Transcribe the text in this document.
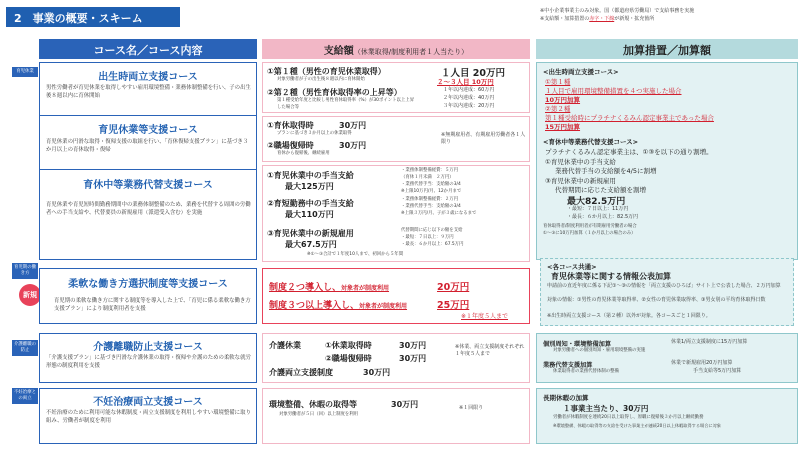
2　事業の概要・スキーム
※中小企業事業主のみ対象。国（都道府県労働局）で支給事務を実施
※支給額・加算措置の赤字・下線が新規・拡充箇所
コース名／コース内容	支給額（休業取得/制度利用者１人当たり）	加算措置／加算額
育児休業
育児期の働き方
新規
介護離職の防止
不妊治療との両立
出生時両立支援コース
男性労働者が育児休業を取得しやすい雇用環境整備・業務体制整備を行い、子の出生後８週以内に育休開始
育児休業等支援コース
育児休業の円滑な取得・復帰支援の取組を行い、「育休復帰支援プラン」に基づき３か月以上の育休取得・復帰
育休中等業務代替支援コース
育児休業や育児短時間勤務期間中の業務体制整備のため、業務を代替する周囲の労働者への手当支給や、代替要員の新規雇用（派遣受入含む）を実施
柔軟な働き方選択制度等支援コース
育児期の柔軟な働き方に関する制度等を導入した上で、「育児に係る柔軟な働き方支援プラン」により制度利用者を支援
介護離職防止支援コース
「介護支援プラン」に基づき円滑な介護休業の取得・復帰や介護のための柔軟な就労形態の制度利用を支援
不妊治療両立支援コース
不妊治療のために利用可能な休暇制度・両立支援制度を利用しやすい環境整備に取り組み、労働者が制度を利用
①第１種（男性の育児休業取得）	１人目 20万円
対象労働者が子の出生後８週以内に育休開始	２～３人目 10万円
②第２種（男性育休取得率の上昇等）
第１種受給年度と比較し男性育休取得率（%）が30ポイント以上上昇した場合等
１年以内達成：60万円
２年以内達成：40万円
３年以内達成：20万円
①育休取得時	30万円
プランに基づき３か月以上の休業取得
②職場復帰時	30万円
育休から復帰後、継続雇用
※無期雇用者、有期雇用労働者各１人限り
①育児休業中の手当支給
最大125万円
②育短勤務中の手当支給
最大110万円
③育児休業中の新規雇用
最大67.5万円
※①～③合計で１年度10人まで、初回から５年間
・業務体制整備経費：５万円
（育休１月未満　２万円）
・業務代替手当：支給額の3/4
※上限10万円/月、12か月まで
・業務体制整備経費：２万円
・業務代替手当：支給額の3/4
※上限３万円/月、子が３歳になるまで
代替期間に応じ以下の額を支給
・最短：７日以上：９万円
・最長：６か月以上：67.5万円
制度２つ導入し、対象者が制度利用	20万円
制度３つ以上導入し、対象者が制度利用	25万円
※１年度５人まで
介護休業	①休業取得時	30万円
②職場復帰時	30万円
介護両立支援制度	30万円
※休業、両立支援制度それぞれ１年度５人まで
環境整備、休暇の取得等	30万円
対象労働者が５日（回）以上制度を利用
※１回限り
<出生時両立支援コース>
①第１種
１人目で雇用環境整備措置を４つ実施した場合
10万円加算
②第２種
第１種受給時にプラチナくるみん認定事業主であった場合
15万円加算
<育休中等業務代替支援コース>
プラチナくるみん認定事業主は、①③を以下の通り割増。
①育児休業中の手当支給
業務代替手当の支給額を4/5に割増
③育児休業中の新規雇用
代替期間に応じた支給額を割増
最大82.5万円
・最短：７日以上：11万円
・最長：６か月以上：82.5万円
育休取得者/制度利用者が有期雇用労働者の場合
①～③に10万円加算（１か月以上の場合のみ）
<各コース共通>
育児休業等に関する情報公表加算
申請前の直近年度に係る下記①～③の情報を「両立支援のひろば」サイト上で公表した場合、２万円加算
対象の情報：①男性の育児休業等取得率、②女性の育児休業取得率、③男女別の平均育休取得日数
※出生時両立支援コース（第２種）以外が対象。各コースごと１回限り。
個別周知・環境整備加算	休業1/両立支援制度に15万円加算
対象労働者への個別周知・雇用環境整備の実施
業務代替支援加算	休業で新規雇用20万円加算
手当支給等5万円加算
休業取得者の業務代替体制の整備
長期休暇の加算
１事業主当たり、30万円
労働者が休暇制度を連続20日以上取得し、原職に復帰後３か月以上継続勤務
※環境整備、休暇の取得等の支給を受けた事業主が連続20日以上休暇取得する場合に対象
